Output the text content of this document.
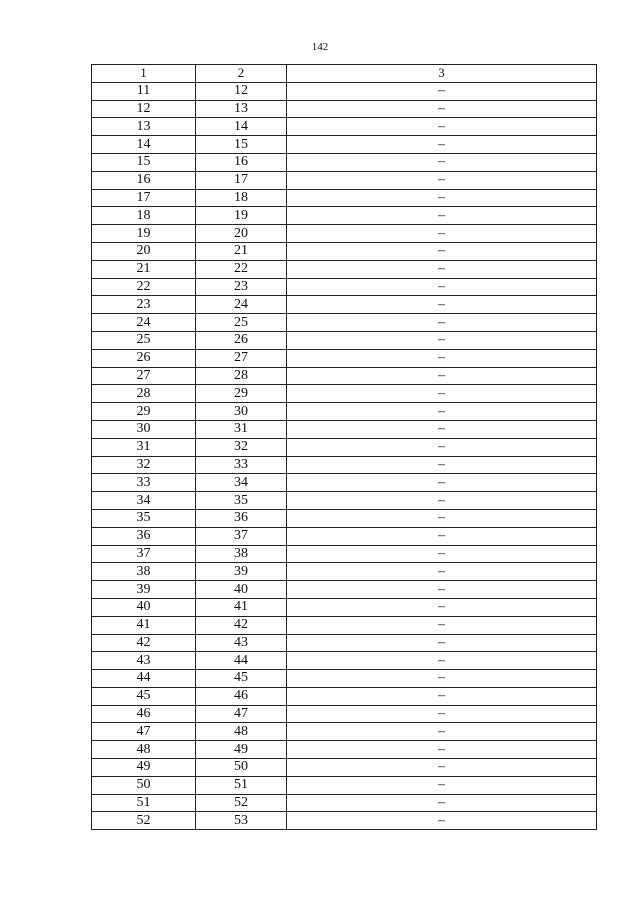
142
1	2	3
11	12	–
12	13	–
13	14	–
14	15	–
15	16	–
16	17	–
17	18	–
18	19	–
19	20	–
20	21	–
21	22	–
22	23	–
23	24	–
24	25	–
25	26	–
26	27	–
27	28	–
28	29	–
29	30	–
30	31	–
31	32	–
32	33	–
33	34	–
34	35	–
35	36	–
36	37	–
37	38	–
38	39	–
39	40	–
40	41	–
41	42	–
42	43	–
43	44	–
44	45	–
45	46	–
46	47	–
47	48	–
48	49	–
49	50	–
50	51	–
51	52	–
52	53	–
